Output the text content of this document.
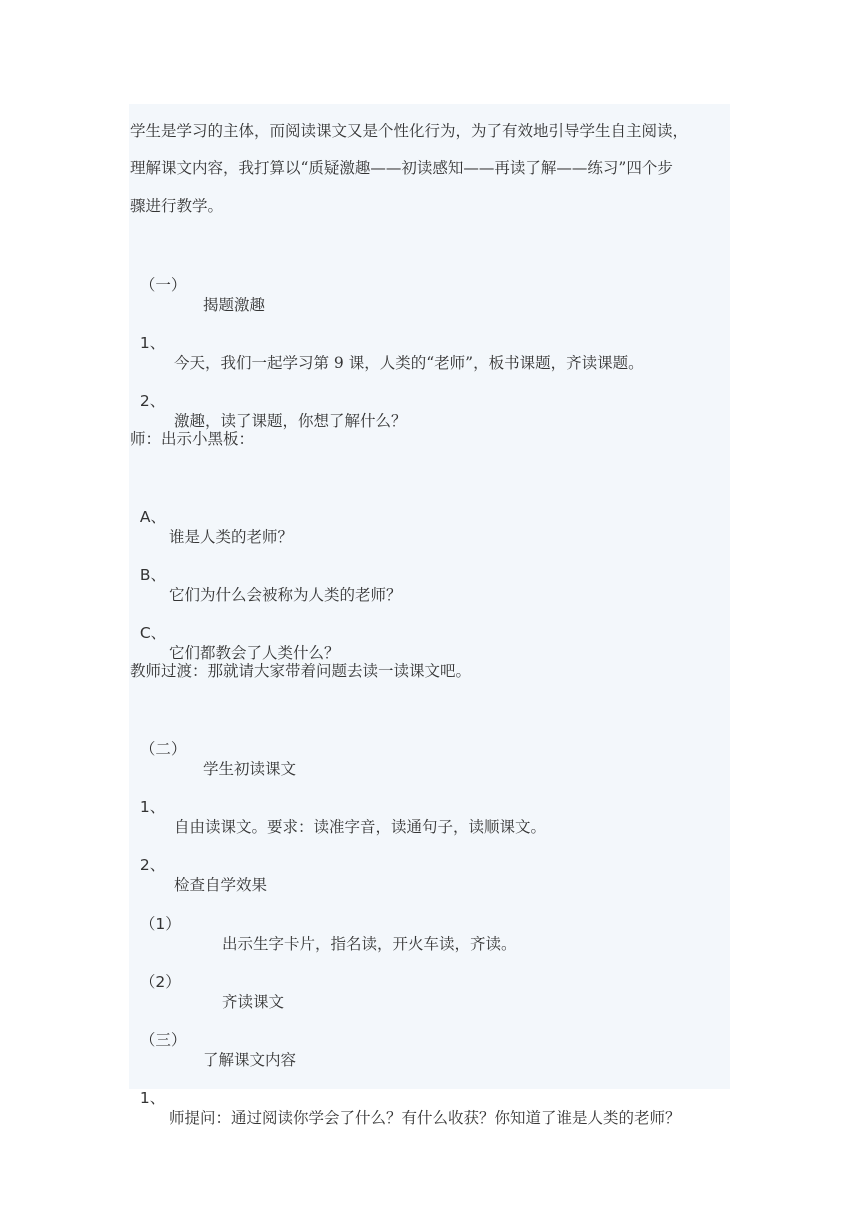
学生是学习的主体，而阅读课文又是个性化行为，为了有效地引导学生自主阅读，
理解课文内容，我打算以“质疑激趣——初读感知——再读了解——练习”四个步
骤进行教学。

（一）

揭题激趣

1、

今天，我们一起学习第 9 课，人类的“老师”，板书课题，齐读课题。

2、

激趣，读了课题，你想了解什么？

师：出示小黑板：

A、

谁是人类的老师？

B、

它们为什么会被称为人类的老师？

C、

它们都教会了人类什么？

教师过渡：那就请大家带着问题去读一读课文吧。

（二）

学生初读课文

1、

自由读课文。要求：读准字音，读通句子，读顺课文。

2、

检查自学效果

（1）

出示生字卡片，指名读，开火车读，齐读。

（2）

齐读课文

（三）

了解课文内容

1、

师提问：通过阅读你学会了什么？有什么收获？你知道了谁是人类的老师？
